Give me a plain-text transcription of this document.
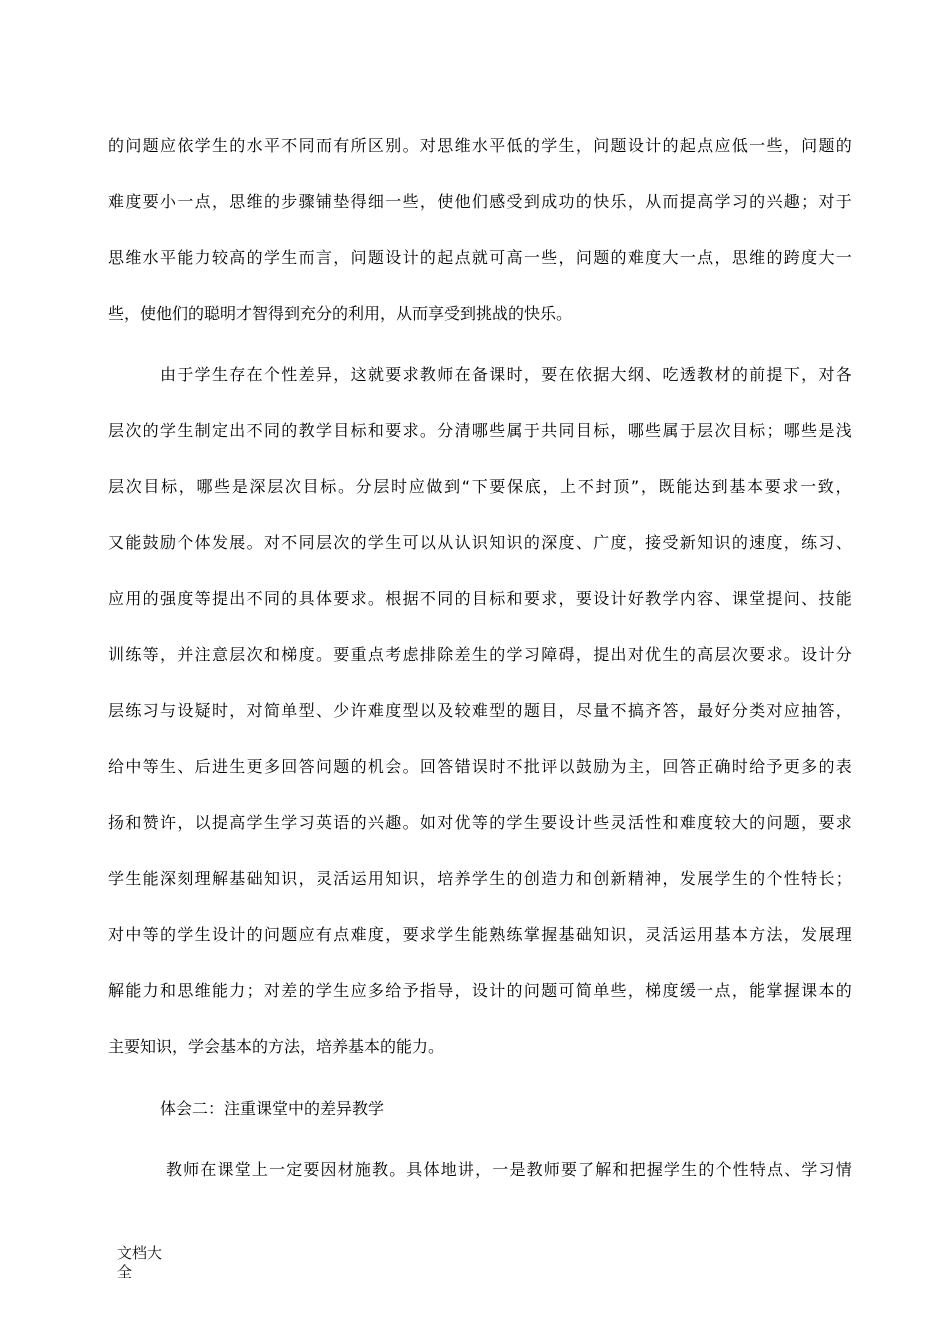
的 问 题 应 依 学 生 的 水 平 不 同 而 有 所 区 别 。 对 思 维 水 平 低 的 学 生 ， 问 题 设 计 的 起 点 应 低 一 些 ， 问 题 的
难 度 要 小 一 点 ， 思 维 的 步 骤 铺 垫 得 细 一 些 ， 使 他 们 感 受 到 成 功 的 快 乐 ， 从 而 提 高 学 习 的 兴 趣 ； 对 于
思 维 水 平 能 力 较 高 的 学 生 而 言 ， 问 题 设 计 的 起 点 就 可 高 一 些 ， 问 题 的 难 度 大 一 点 ， 思 维 的 跨 度 大 一
些，使他们的聪明才智得到充分的利用，从而享受到挑战的快乐。
由 于 学 生 存 在 个 性 差 异 ， 这 就 要 求 教 师 在 备 课 时 ， 要 在 依 据 大 纲 、 吃 透 教 材 的 前 提 下 ， 对 各
层 次 的 学 生 制 定 出 不 同 的 教 学 目 标 和 要 求 。 分 清 哪 些 属 于 共 同 目 标 ， 哪 些 属 于 层 次 目 标 ； 哪 些 是 浅
层 次 目 标 ， 哪 些 是 深 层 次 目 标 。 分 层 时 应 做 到 “ 下 要 保 底 ， 上 不 封 顶 ” ， 既 能 达 到 基 本 要 求 一 致 ，
又 能 鼓 励 个 体 发 展 。 对 不 同 层 次 的 学 生 可 以 从 认 识 知 识 的 深 度 、 广 度 ， 接 受 新 知 识 的 速 度 ， 练 习 、
应 用 的 强 度 等 提 出 不 同 的 具 体 要 求 。 根 据 不 同 的 目 标 和 要 求 ， 要 设 计 好 教 学 内 容 、 课 堂 提 问 、 技 能
训 练 等 ， 并 注 意 层 次 和 梯 度 。 要 重 点 考 虑 排 除 差 生 的 学 习 障 碍 ， 提 出 对 优 生 的 高 层 次 要 求 。 设 计 分
层 练 习 与 设 疑 时 ， 对 简 单 型 、 少 许 难 度 型 以 及 较 难 型 的 题 目 ， 尽 量 不 搞 齐 答 ， 最 好 分 类 对 应 抽 答 ，
给 中 等 生 、 后 进 生 更 多 回 答 问 题 的 机 会 。 回 答 错 误 时 不 批 评 以 鼓 励 为 主 ， 回 答 正 确 时 给 予 更 多 的 表
扬 和 赞 许 ， 以 提 高 学 生 学 习 英 语 的 兴 趣 。 如 对 优 等 的 学 生 要 设 计 些 灵 活 性 和 难 度 较 大 的 问 题 ， 要 求
学 生 能 深 刻 理 解 基 础 知 识 ， 灵 活 运 用 知 识 ， 培 养 学 生 的 创 造 力 和 创 新 精 神 ， 发 展 学 生 的 个 性 特 长 ；
对 中 等 的 学 生 设 计 的 问 题 应 有 点 难 度 ， 要 求 学 生 能 熟 练 掌 握 基 础 知 识 ， 灵 活 运 用 基 本 方 法 ， 发 展 理
解 能 力 和 思 维 能 力 ； 对 差 的 学 生 应 多 给 予 指 导 ， 设 计 的 问 题 可 简 单 些 ， 梯 度 缓 一 点 ， 能 掌 握 课 本 的
主要知识，学会基本的方法，培养基本的能力。
体会二：注重课堂中的差异教学
教 师 在 课 堂 上 一 定 要 因 材 施 教 。 具 体 地 讲 ， 一 是 教 师 要 了 解 和 把 握 学 生 的 个 性 特 点 、 学 习 情
文档大全
